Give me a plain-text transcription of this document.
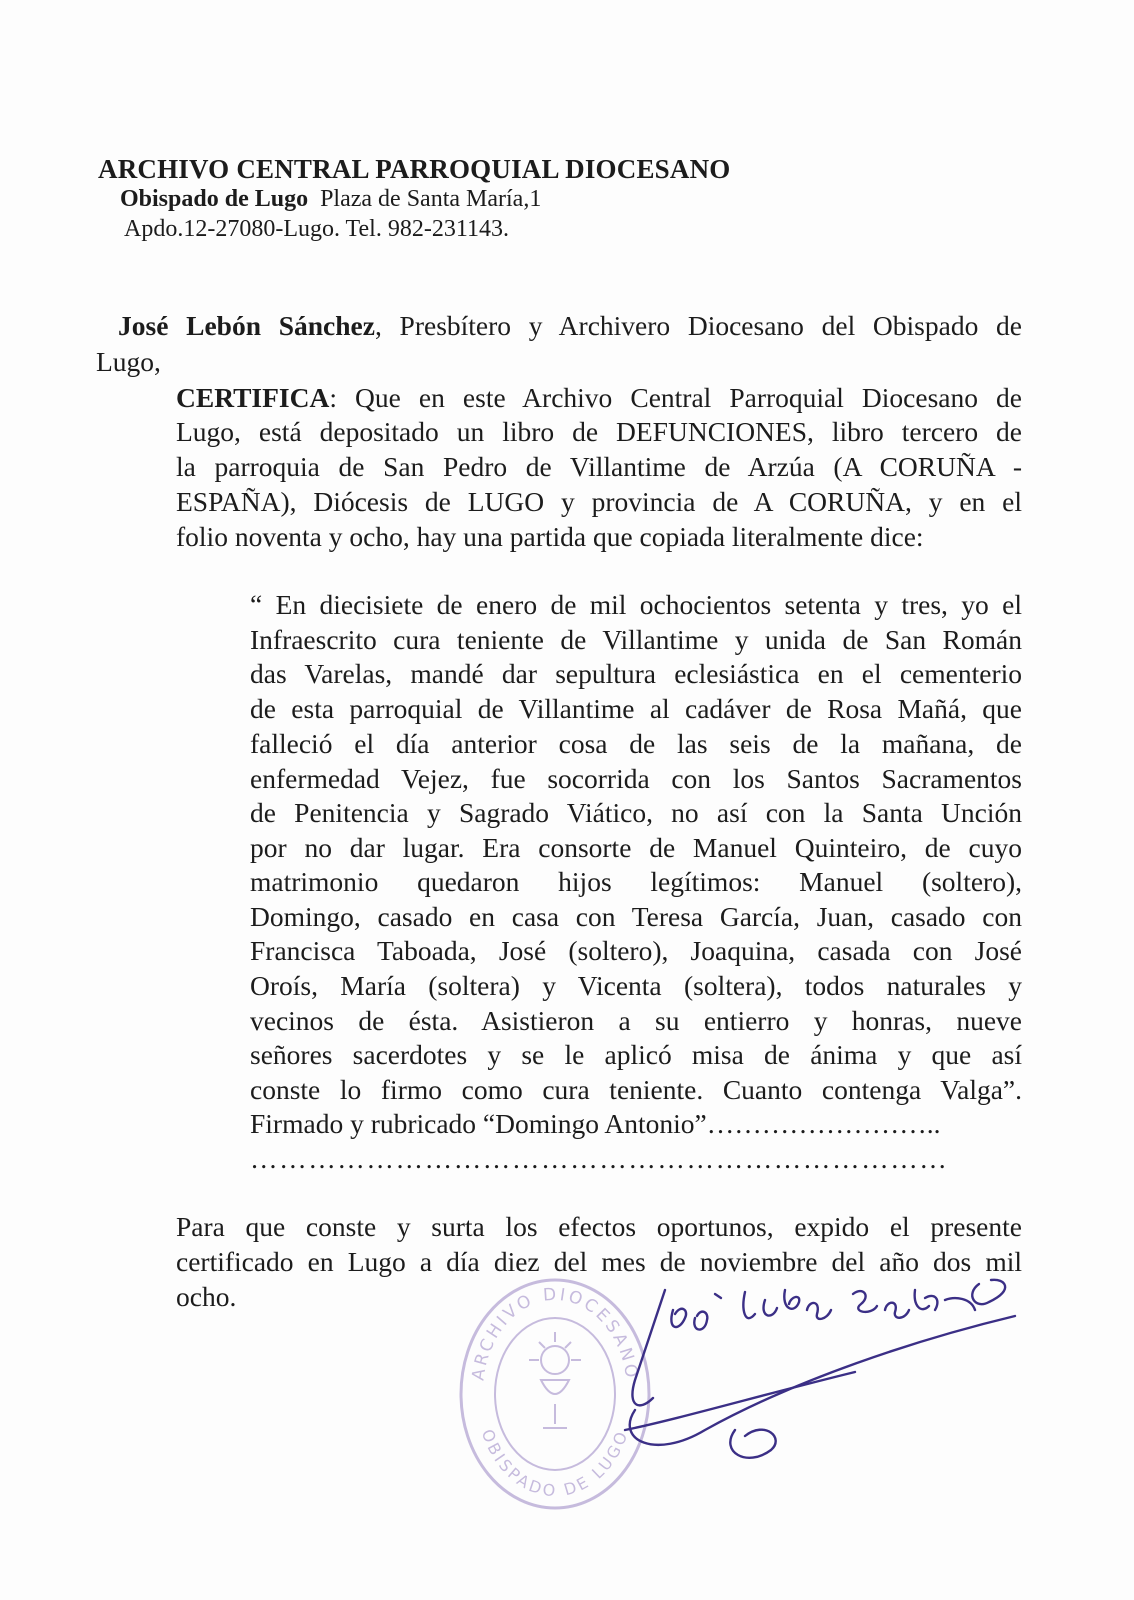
ARCHIVO CENTRAL PARROQUIAL DIOCESANO
Obispado de Lugo Plaza de Santa María,1
Apdo.12-27080-Lugo. Tel. 982-231143.
José Lebón Sánchez, Presbítero y Archivero Diocesano del Obispado de
Lugo,
CERTIFICA: Que en este Archivo Central Parroquial Diocesano de
Lugo, está depositado un libro de DEFUNCIONES, libro tercero de
la parroquia de San Pedro de Villantime de Arzúa (A CORUÑA -
ESPAÑA), Diócesis de LUGO y provincia de A CORUÑA, y en el
folio noventa y ocho, hay una partida que copiada literalmente dice:
“ En diecisiete de enero de mil ochocientos setenta y tres, yo el
Infraescrito cura teniente de Villantime y unida de San Román
das Varelas, mandé dar sepultura eclesiástica en el cementerio
de esta parroquial de Villantime al cadáver de Rosa Mañá, que
falleció el día anterior cosa de las seis de la mañana, de
enfermedad Vejez, fue socorrida con los Santos Sacramentos
de Penitencia y Sagrado Viático, no así con la Santa Unción
por no dar lugar. Era consorte de Manuel Quinteiro, de cuyo
matrimonio quedaron hijos legítimos: Manuel (soltero),
Domingo, casado en casa con Teresa García, Juan, casado con
Francisca Taboada, José (soltero), Joaquina, casada con José
Oroís, María (soltera) y Vicenta (soltera), todos naturales y
vecinos de ésta. Asistieron a su entierro y honras, nueve
señores sacerdotes y se le aplicó misa de ánima y que así
conste lo firmo como cura teniente. Cuanto contenga Valga”.
Firmado y rubricado “Domingo Antonio”……………………..
………………………………………………………………
Para que conste y surta los efectos oportunos, expido el presente
certificado en Lugo a día diez del mes de noviembre del año dos mil
ocho.
ARCHIVO DIOCESANO
OBISPADO DE LUGO
